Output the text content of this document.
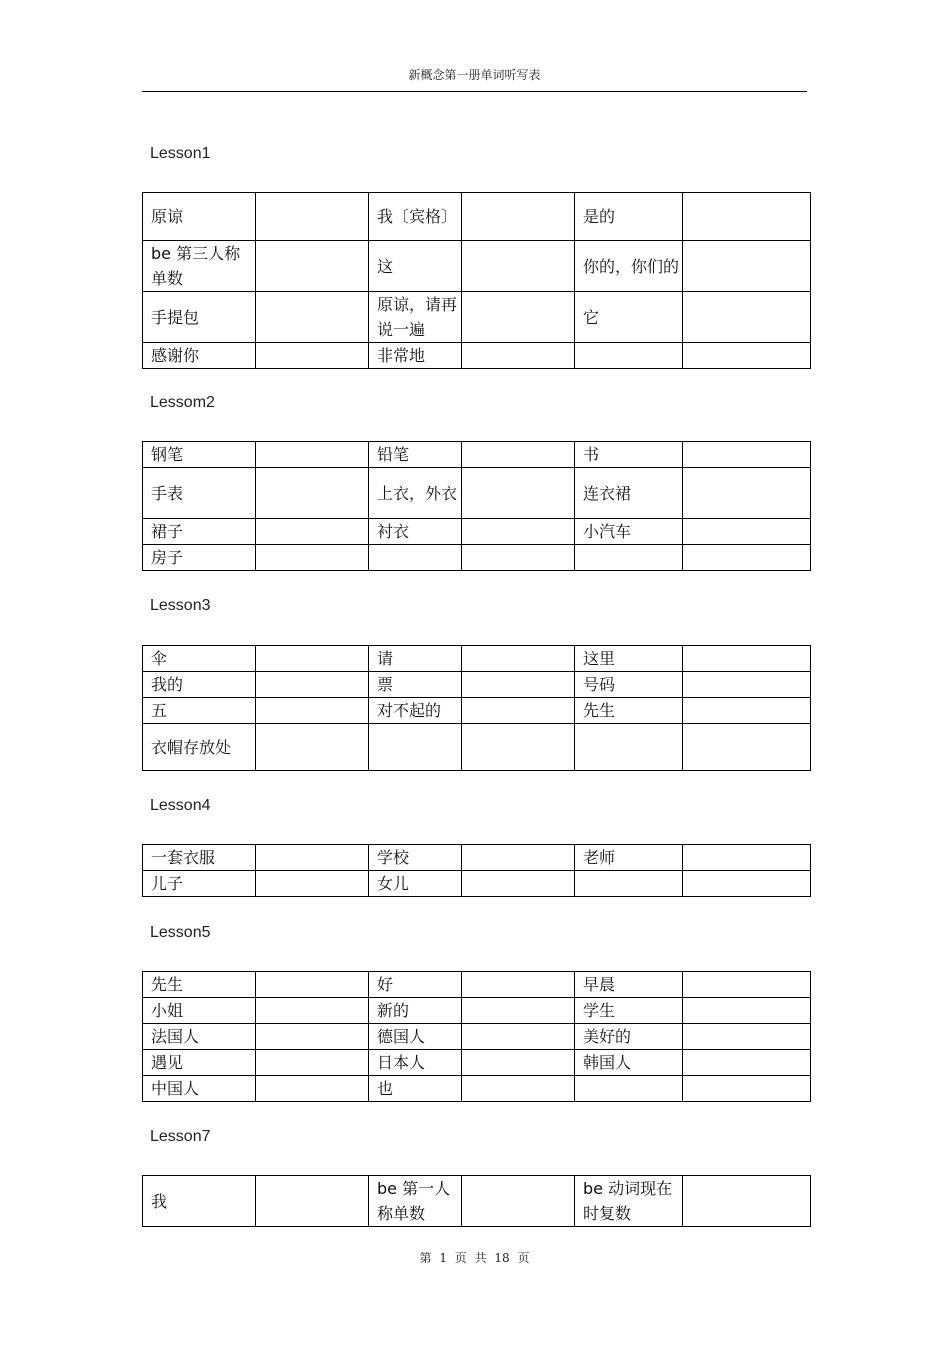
新概念第一册单词听写表
Lesson1
原谅		我〔宾格〕		是的	
be 第三人称单数		这		你的，你们的	
手提包		原谅，请再说一遍		它	
感谢你		非常地			
Lessom2
钢笔		铅笔		书	
手表		上衣，外衣		连衣裙	
裙子		衬衣		小汽车	
房子					
Lesson3
伞		请		这里	
我的		票		号码	
五		对不起的		先生	
衣帽存放处					
Lesson4
一套衣服		学校		老师	
儿子		女儿			
Lesson5
先生		好		早晨	
小姐		新的		学生	
法国人		德国人		美好的	
遇见		日本人		韩国人	
中国人		也			
Lesson7
我		be 第一人称单数		be 动词现在时复数	
第 1 页 共 18 页
